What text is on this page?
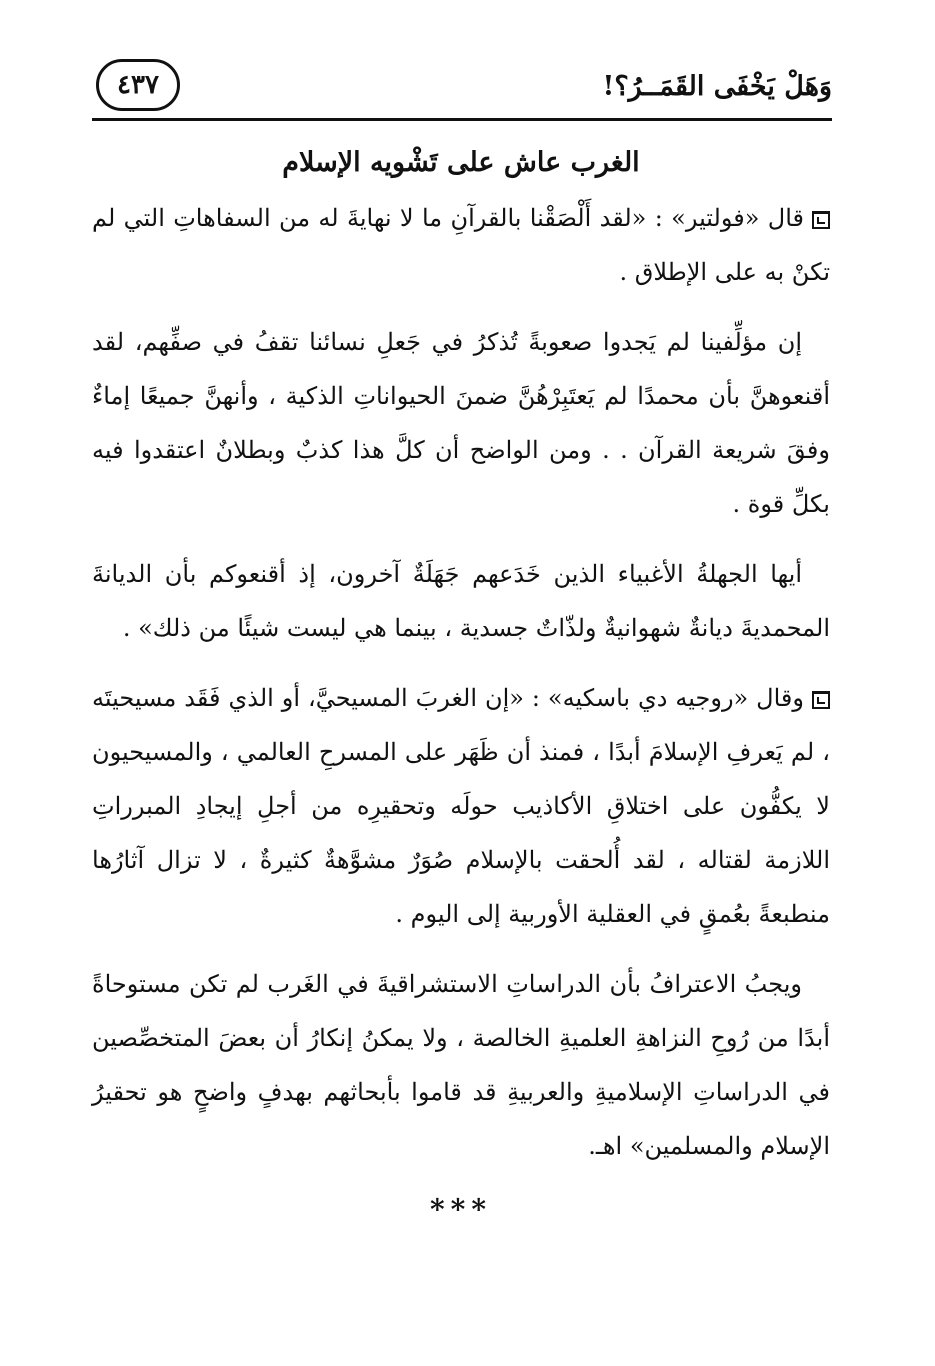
٤٣٧	وَهَلْ يَخْفَى القَمَــرُ؟!
الغرب عاش على تَشْويه الإسلام

قال «فولتير» : «لقد أَلْصَقْنا بالقرآنِ ما لا نهايةَ له من السفاهاتِ التي لم تكنْ به على الإطلاق .

إن مؤلِّفينا لم يَجدوا صعوبةً تُذكرُ في جَعلِ نسائنا تقفُ في صفِّهم، لقد أقنعوهنَّ بأن محمدًا لم يَعتَبِرْهُنَّ ضمنَ الحيواناتِ الذكية ، وأنهنَّ جميعًا إماءٌ وفقَ شريعة القرآن . . ومن الواضح أن كلَّ هذا كذبٌ وبطلانٌ اعتقدوا فيه بكلِّ قوة .

أيها الجهلةُ الأغبياء الذين خَدَعهم جَهَلَةٌ آخرون، إذ أقنعوكم بأن الديانةَ المحمديةَ ديانةٌ شهوانيةٌ ولذّاتٌ جسدية ، بينما هي ليست شيئًا من ذلك» .

وقال «روجيه دي باسكيه» : «إن الغربَ المسيحيَّ، أو الذي فَقَد مسيحيتَه ، لم يَعرفِ الإسلامَ أبدًا ، فمنذ أن ظَهَر على المسرحِ العالمي ، والمسيحيون لا يكفُّون على اختلاقِ الأكاذيب حولَه وتحقيرِه من أجلِ إيجادِ المبرراتِ اللازمة لقتاله ، لقد أُلحقت بالإسلام صُوَرٌ مشوَّهةٌ كثيرةٌ ، لا تزال آثارُها منطبعةً بعُمقٍ في العقلية الأوربية إلى اليوم .

ويجبُ الاعترافُ بأن الدراساتِ الاستشراقيةَ في الغَرب لم تكن مستوحاةً أبدًا من رُوحِ النزاهةِ العلميةِ الخالصة ، ولا يمكنُ إنكارُ أن بعضَ المتخصِّصين في الدراساتِ الإسلاميةِ والعربيةِ قد قاموا بأبحاثهم بهدفٍ واضحٍ هو تحقيرُ الإسلام والمسلمين» اهـ.

***
